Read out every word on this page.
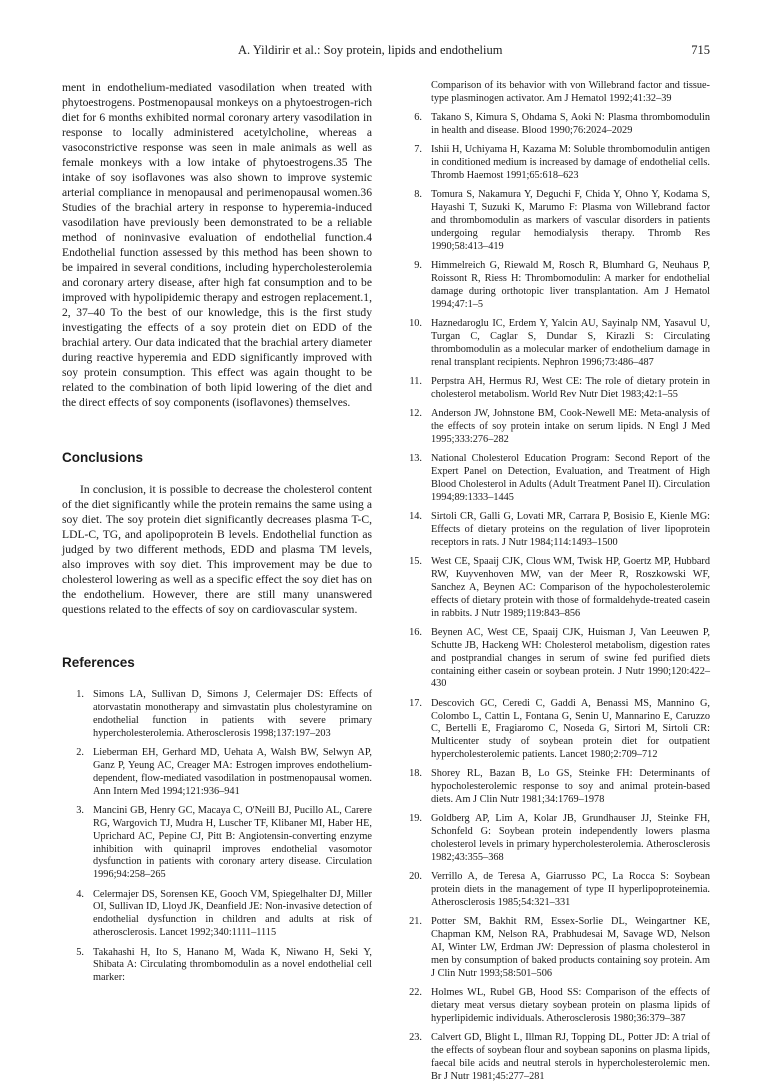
A. Yildirir et al.: Soy protein, lipids and endothelium	715

ment in endothelium-mediated vasodilation when treated with phytoestrogens. Postmenopausal monkeys on a phytoestrogen-rich diet for 6 months exhibited normal coronary artery vasodilation in response to locally administered acetylcholine, whereas a vasoconstrictive response was seen in male animals as well as female monkeys with a low intake of phytoestrogens.35 The intake of soy isoflavones was also shown to improve systemic arterial compliance in menopausal and perimenopausal women.36 Studies of the brachial artery in response to hyperemia-induced vasodilation have previously been demonstrated to be a reliable method of noninvasive evaluation of endothelial function.4 Endothelial function assessed by this method has been shown to be impaired in several conditions, including hypercholesterolemia and coronary artery disease, after high fat consumption and to be improved with hypolipidemic therapy and estrogen replacement.1, 2, 37–40 To the best of our knowledge, this is the first study investigating the effects of a soy protein diet on EDD of the brachial artery. Our data indicated that the brachial artery diameter during reactive hyperemia and EDD significantly improved with soy protein consumption. This effect was again thought to be related to the combination of both lipid lowering of the diet and the direct effects of soy components (isoflavones) themselves.

Conclusions

In conclusion, it is possible to decrease the cholesterol content of the diet significantly while the protein remains the same using a soy diet. The soy protein diet significantly decreases plasma T-C, LDL-C, TG, and apolipoprotein B levels. Endothelial function as judged by two different methods, EDD and plasma TM levels, also improves with soy diet. This improvement may be due to cholesterol lowering as well as a specific effect the soy diet has on the endothelium. However, there are still many unanswered questions related to the effects of soy on cardiovascular system.

References
1. Simons LA, Sullivan D, Simons J, Celermajer DS: Effects of atorvastatin monotherapy and simvastatin plus cholestyramine on endothelial function in patients with severe primary hypercholesterolemia. Atherosclerosis 1998;137:197–203
2. Lieberman EH, Gerhard MD, Uehata A, Walsh BW, Selwyn AP, Ganz P, Yeung AC, Creager MA: Estrogen improves endothelium-dependent, flow-mediated vasodilation in postmenopausal women. Ann Intern Med 1994;121:936–941
3. Mancini GB, Henry GC, Macaya C, O'Neill BJ, Pucillo AL, Carere RG, Wargovich TJ, Mudra H, Luscher TF, Klibaner MI, Haber HE, Uprichard AC, Pepine CJ, Pitt B: Angiotensin-converting enzyme inhibition with quinapril improves endothelial vasomotor dysfunction in patients with coronary artery disease. Circulation 1996;94:258–265
4. Celermajer DS, Sorensen KE, Gooch VM, Spiegelhalter DJ, Miller OI, Sullivan ID, Lloyd JK, Deanfield JE: Non-invasive detection of endothelial dysfunction in children and adults at risk of atherosclerosis. Lancet 1992;340:1111–1115
5. Takahashi H, Ito S, Hanano M, Wada K, Niwano H, Seki Y, Shibata A: Circulating thrombomodulin as a novel endothelial cell marker:
Comparison of its behavior with von Willebrand factor and tissue-type plasminogen activator. Am J Hematol 1992;41:32–39
6. Takano S, Kimura S, Ohdama S, Aoki N: Plasma thrombomodulin in health and disease. Blood 1990;76:2024–2029
7. Ishii H, Uchiyama H, Kazama M: Soluble thrombomodulin antigen in conditioned medium is increased by damage of endothelial cells. Thromb Haemost 1991;65:618–623
8. Tomura S, Nakamura Y, Deguchi F, Chida Y, Ohno Y, Kodama S, Hayashi T, Suzuki K, Marumo F: Plasma von Willebrand factor and thrombomodulin as markers of vascular disorders in patients undergoing regular hemodialysis therapy. Thromb Res 1990;58:413–419
9. Himmelreich G, Riewald M, Rosch R, Blumhard G, Neuhaus P, Roissont R, Riess H: Thrombomodulin: A marker for endothelial damage during orthotopic liver transplantation. Am J Hematol 1994;47:1–5
10. Haznedaroglu IC, Erdem Y, Yalcin AU, Sayinalp NM, Yasavul U, Turgan C, Caglar S, Dundar S, Kirazli S: Circulating thrombomodulin as a molecular marker of endothelium damage in renal transplant recipients. Nephron 1996;73:486–487
11. Perpstra AH, Hermus RJ, West CE: The role of dietary protein in cholesterol metabolism. World Rev Nutr Diet 1983;42:1–55
12. Anderson JW, Johnstone BM, Cook-Newell ME: Meta-analysis of the effects of soy protein intake on serum lipids. N Engl J Med 1995;333:276–282
13. National Cholesterol Education Program: Second Report of the Expert Panel on Detection, Evaluation, and Treatment of High Blood Cholesterol in Adults (Adult Treatment Panel II). Circulation 1994;89:1333–1445
14. Sirtoli CR, Galli G, Lovati MR, Carrara P, Bosisio E, Kienle MG: Effects of dietary proteins on the regulation of liver lipoprotein receptors in rats. J Nutr 1984;114:1493–1500
15. West CE, Spaaij CJK, Clous WM, Twisk HP, Goertz MP, Hubbard RW, Kuyvenhoven MW, van der Meer R, Roszkowski WF, Sanchez A, Beynen AC: Comparison of the hypocholesterolemic effects of dietary protein with those of formaldehyde-treated casein in rabbits. J Nutr 1989;119:843–856
16. Beynen AC, West CE, Spaaij CJK, Huisman J, Van Leeuwen P, Schutte JB, Hackeng WH: Cholesterol metabolism, digestion rates and postprandial changes in serum of swine fed purified diets containing either casein or soybean protein. J Nutr 1990;120:422–430
17. Descovich GC, Ceredi C, Gaddi A, Benassi MS, Mannino G, Colombo L, Cattin L, Fontana G, Senin U, Mannarino E, Caruzzo C, Bertelli E, Fragiaromo C, Noseda G, Sirtori M, Sirtoli CR: Multicenter study of soybean protein diet for outpatient hypercholesterolemic patients. Lancet 1980;2:709–712
18. Shorey RL, Bazan B, Lo GS, Steinke FH: Determinants of hypocholesterolemic response to soy and animal protein-based diets. Am J Clin Nutr 1981;34:1769–1978
19. Goldberg AP, Lim A, Kolar JB, Grundhauser JJ, Steinke FH, Schonfeld G: Soybean protein independently lowers plasma cholesterol levels in primary hypercholesterolemia. Atherosclerosis 1982;43:355–368
20. Verrillo A, de Teresa A, Giarrusso PC, La Rocca S: Soybean protein diets in the management of type II hyperlipoproteinemia. Atherosclerosis 1985;54:321–331
21. Potter SM, Bakhit RM, Essex-Sorlie DL, Weingartner KE, Chapman KM, Nelson RA, Prabhudesai M, Savage WD, Nelson AI, Winter LW, Erdman JW: Depression of plasma cholesterol in men by consumption of baked products containing soy protein. Am J Clin Nutr 1993;58:501–506
22. Holmes WL, Rubel GB, Hood SS: Comparison of the effects of dietary meat versus dietary soybean protein on plasma lipids of hyperlipidemic individuals. Atherosclerosis 1980;36:379–387
23. Calvert GD, Blight L, Illman RJ, Topping DL, Potter JD: A trial of the effects of soybean flour and soybean saponins on plasma lipids, faecal bile acids and neutral sterols in hypercholesterolemic men. Br J Nutr 1981;45:277–281
